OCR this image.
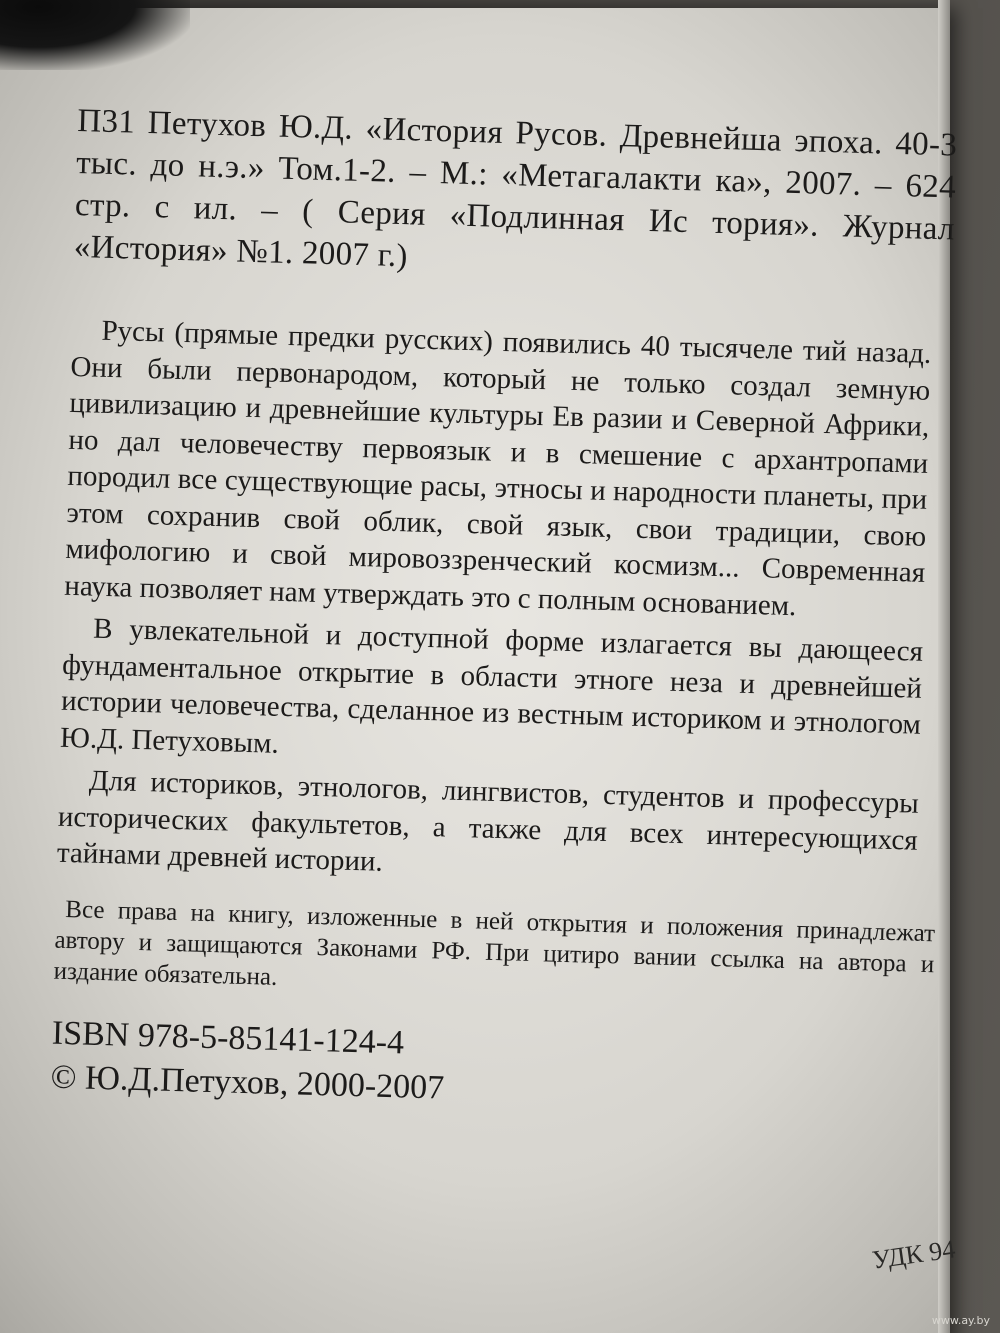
П31 Петухов Ю.Д. «История Русов. Древнейша эпоха. 40-3 тыс. до н.э.» Том.1-2. – М.: «Метагалакти ка», 2007. – 624 стр. с ил. – ( Серия «Подлинная Ис тория». Журнал «История» №1. 2007 г.)

Русы (прямые предки русских) появились 40 тысячеле тий назад. Они были первонародом, который не только создал земную цивилизацию и древнейшие культуры Ев разии и Северной Африки, но дал человечеству первоязык и в смешение с архантропами породил все существующие расы, этносы и народности планеты, при этом сохранив свой облик, свой язык, свои традиции, свою мифологию и свой мировоззренческий космизм... Современная наука позволяет нам утверждать это с полным основанием.

В увлекательной и доступной форме излагается вы дающееся фундаментальное открытие в области этноге неза и древнейшей истории человечества, сделанное из вестным историком и этнологом Ю.Д. Петуховым.

Для историков, этнологов, лингвистов, студентов и профессуры исторических факультетов, а также для всех интересующихся тайнами древней истории.

Все права на книгу, изложенные в ней открытия и положения принадлежат автору и защищаются Законами РФ. При цитиро вании ссылка на автора и издание обязательна.

ISBN 978-5-85141-124-4

© Ю.Д.Петухов, 2000-2007

УДК 94
www.ay.by
